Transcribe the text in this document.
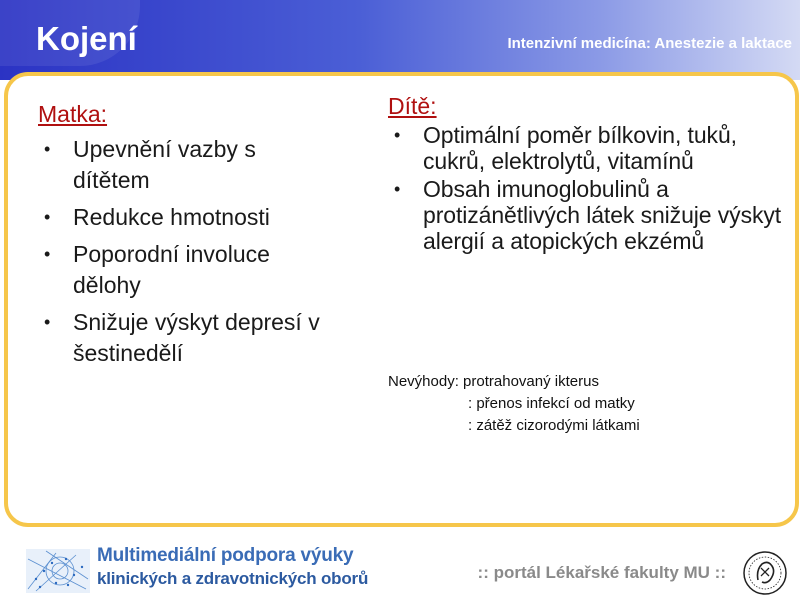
Kojení	Intenzivní medicína: Anestezie a laktace
Matka:
• Upevnění vazby s dítětem
• Redukce hmotnosti
• Poporodní involuce dělohy
• Snižuje výskyt depresí v šestinedělí
Dítě:
• Optimální poměr bílkovin, tuků, cukrů, elektrolytů, vitamínů
• Obsah imunoglobulinů a protizánětlivých látek snižuje výskyt alergií a atopických ekzémů
Nevýhody: protrahovaný ikterus
: přenos infekcí od matky
: zátěž cizorodými látkami
Multimediální podpora výuky
klinických a zdravotnických oborů	:: portál Lékařské fakulty MU ::
